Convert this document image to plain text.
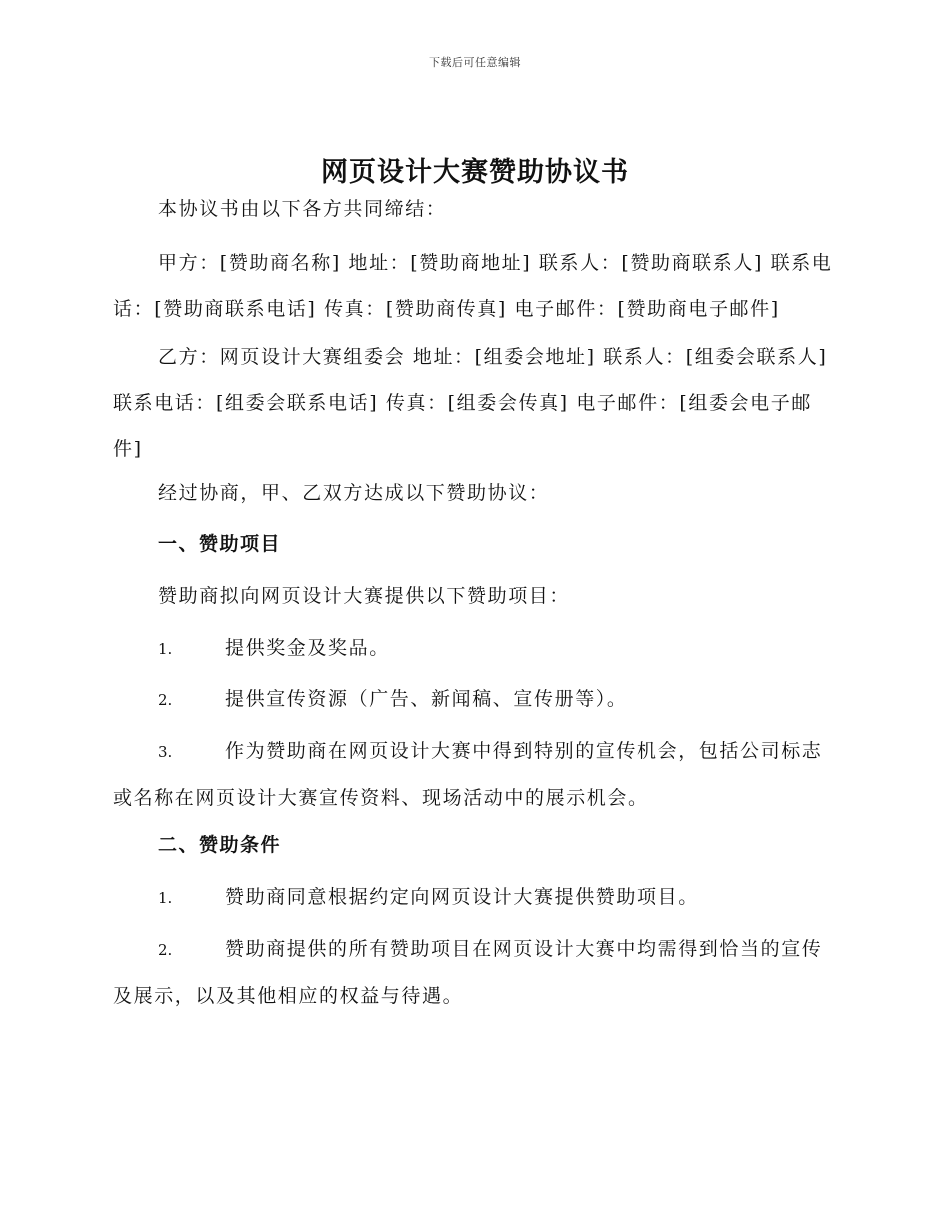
下载后可任意编辑
网页设计大赛赞助协议书
本协议书由以下各方共同缔结：
甲方：[赞助商名称] 地址：[赞助商地址] 联系人：[赞助商联系人] 联系电话：[赞助商联系电话] 传真：[赞助商传真] 电子邮件：[赞助商电子邮件]
乙方：网页设计大赛组委会 地址：[组委会地址] 联系人：[组委会联系人] 联系电话：[组委会联系电话] 传真：[组委会传真] 电子邮件：[组委会电子邮件]
经过协商，甲、乙双方达成以下赞助协议：
一、赞助项目
赞助商拟向网页设计大赛提供以下赞助项目：
1.	提供奖金及奖品。
2.	提供宣传资源（广告、新闻稿、宣传册等）。
3.	作为赞助商在网页设计大赛中得到特别的宣传机会，包括公司标志或名称在网页设计大赛宣传资料、现场活动中的展示机会。
二、赞助条件
1.	赞助商同意根据约定向网页设计大赛提供赞助项目。
2.	赞助商提供的所有赞助项目在网页设计大赛中均需得到恰当的宣传及展示，以及其他相应的权益与待遇。
